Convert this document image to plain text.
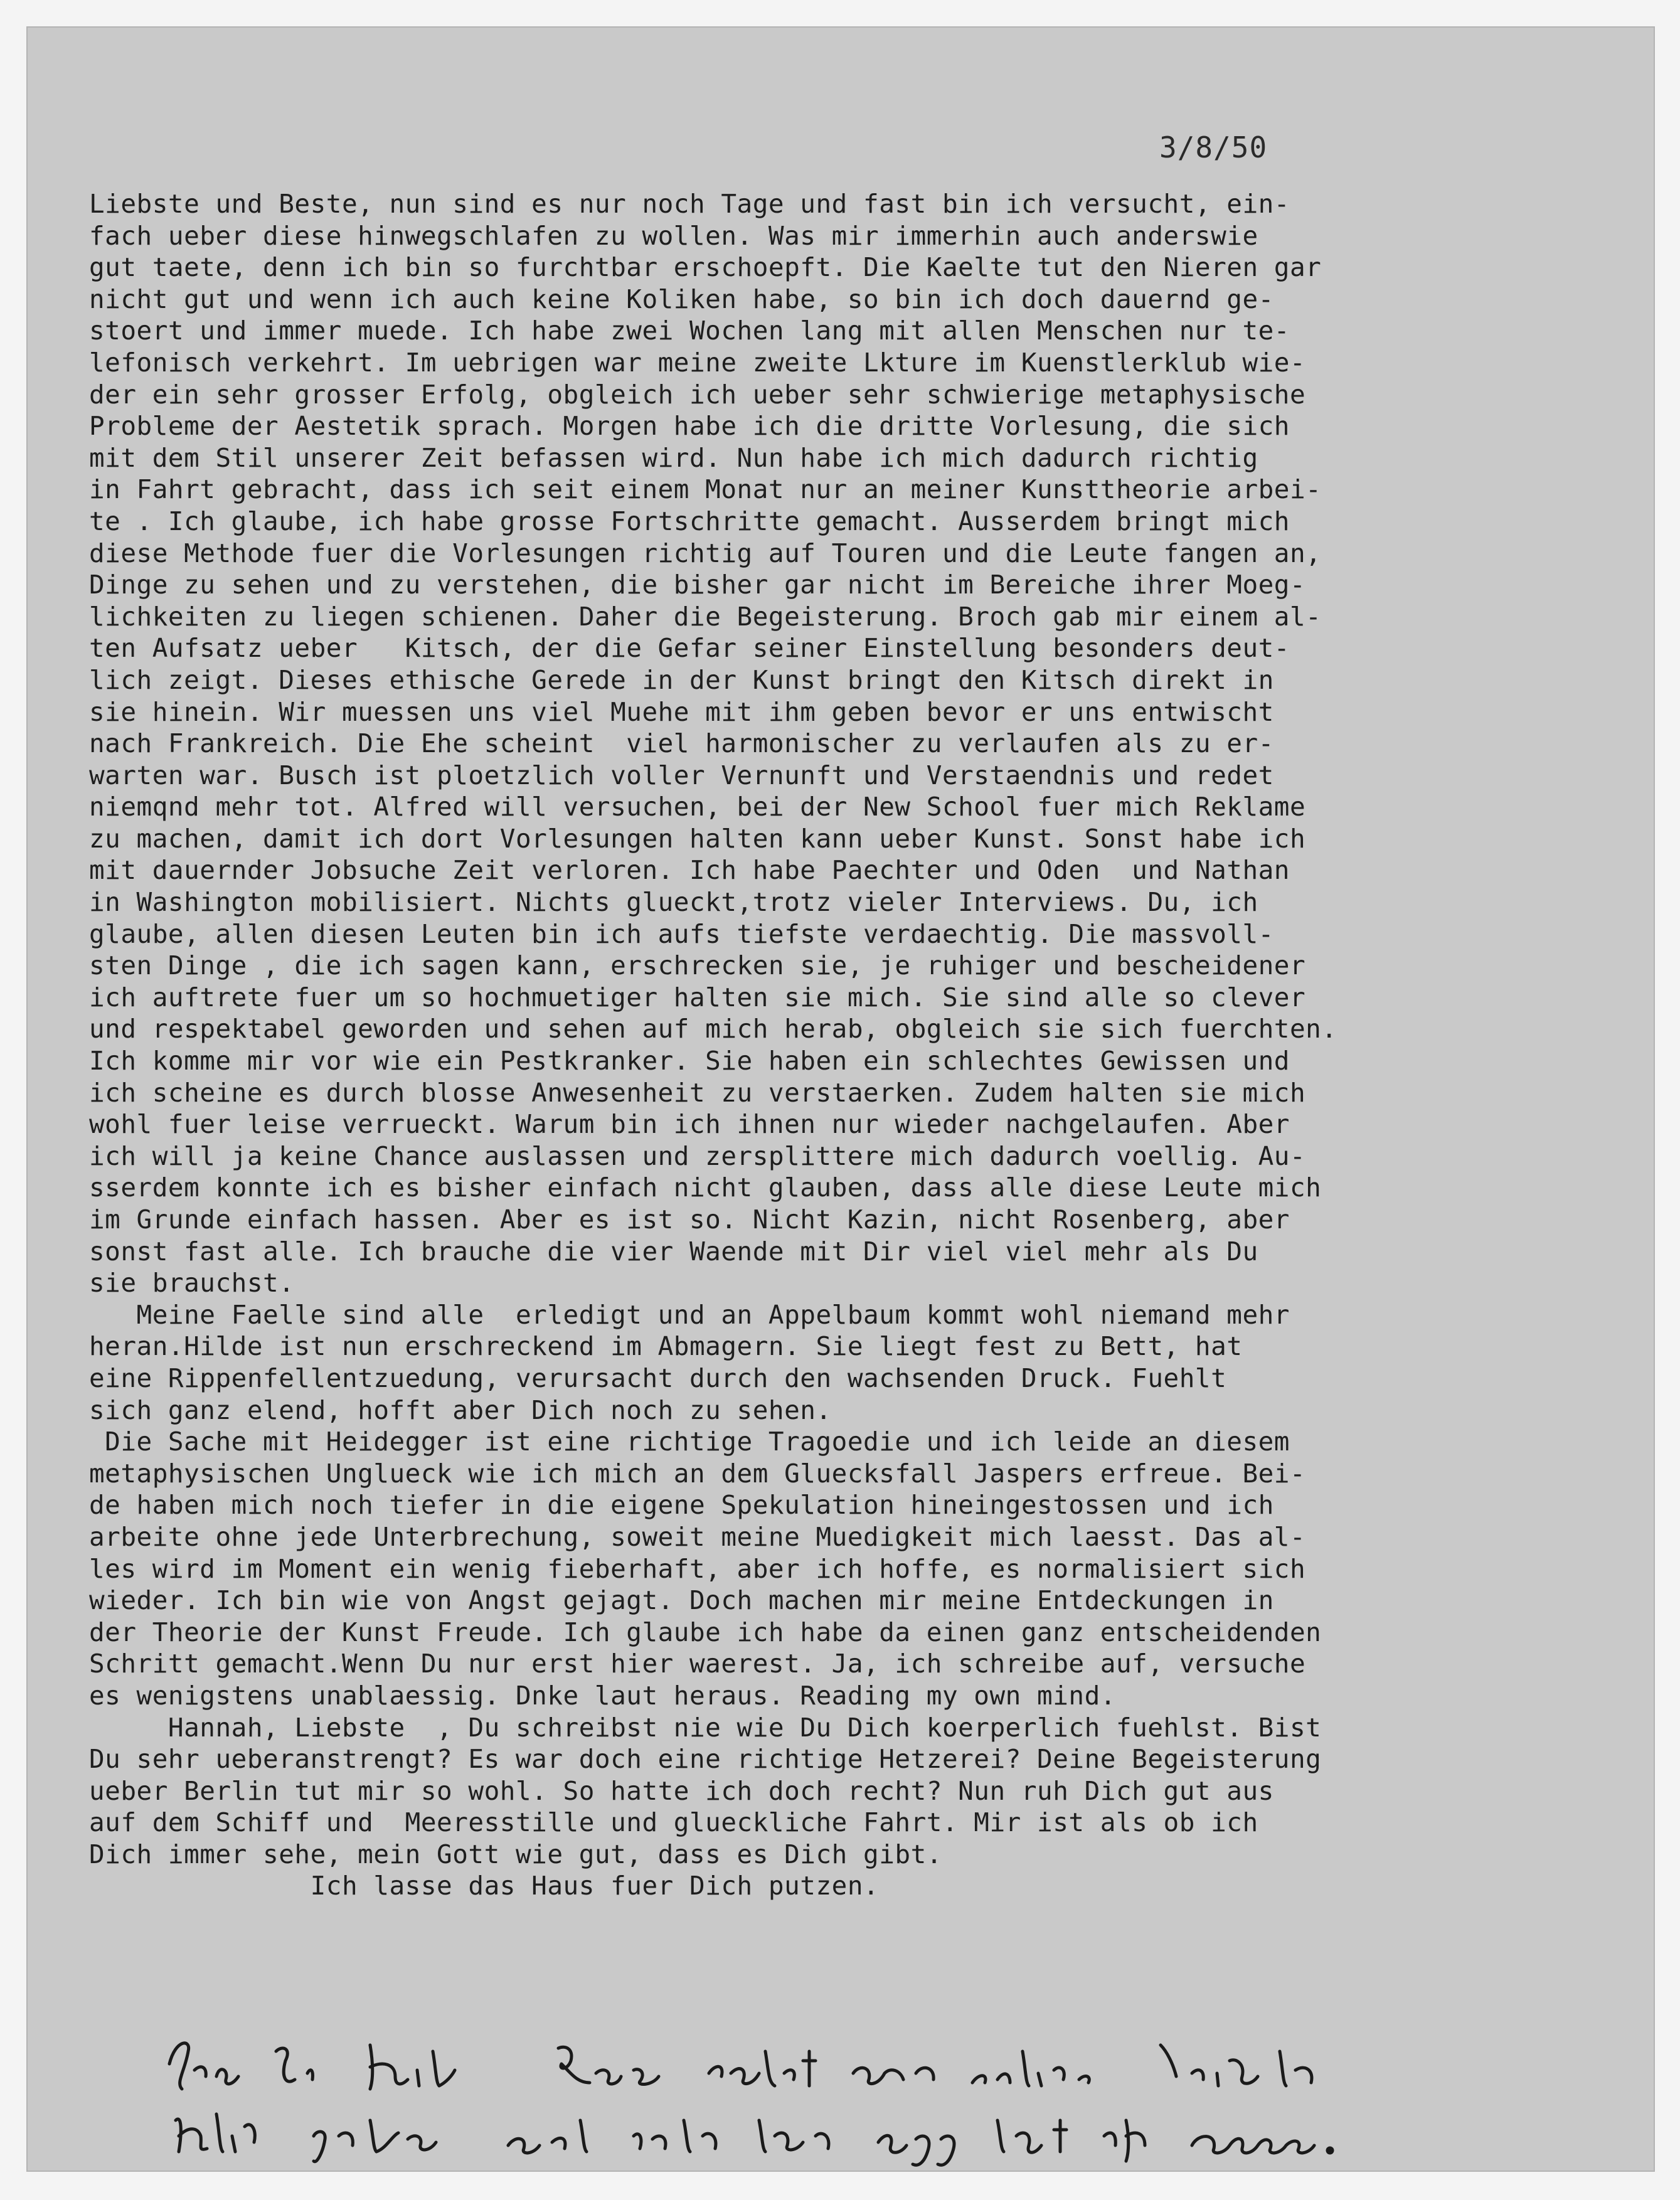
3/8/50
Liebste und Beste, nun sind es nur noch Tage und fast bin ich versucht, ein-
fach ueber diese hinwegschlafen zu wollen. Was mir immerhin auch anderswie
gut taete, denn ich bin so furchtbar erschoepft. Die Kaelte tut den Nieren gar
nicht gut und wenn ich auch keine Koliken habe, so bin ich doch dauernd ge-
stoert und immer muede. Ich habe zwei Wochen lang mit allen Menschen nur te-
lefonisch verkehrt. Im uebrigen war meine zweite Lkture im Kuenstlerklub wie-
der ein sehr grosser Erfolg, obgleich ich ueber sehr schwierige metaphysische
Probleme der Aestetik sprach. Morgen habe ich die dritte Vorlesung, die sich
mit dem Stil unserer Zeit befassen wird. Nun habe ich mich dadurch richtig
in Fahrt gebracht, dass ich seit einem Monat nur an meiner Kunsttheorie arbei-
te . Ich glaube, ich habe grosse Fortschritte gemacht. Ausserdem bringt mich
diese Methode fuer die Vorlesungen richtig auf Touren und die Leute fangen an,
Dinge zu sehen und zu verstehen, die bisher gar nicht im Bereiche ihrer Moeg-
lichkeiten zu liegen schienen. Daher die Begeisterung. Broch gab mir einem al-
ten Aufsatz ueber   Kitsch, der die Gefar seiner Einstellung besonders deut-
lich zeigt. Dieses ethische Gerede in der Kunst bringt den Kitsch direkt in
sie hinein. Wir muessen uns viel Muehe mit ihm geben bevor er uns entwischt
nach Frankreich. Die Ehe scheint  viel harmonischer zu verlaufen als zu er-
warten war. Busch ist ploetzlich voller Vernunft und Verstaendnis und redet
niemqnd mehr tot. Alfred will versuchen, bei der New School fuer mich Reklame
zu machen, damit ich dort Vorlesungen halten kann ueber Kunst. Sonst habe ich
mit dauernder Jobsuche Zeit verloren. Ich habe Paechter und Oden  und Nathan
in Washington mobilisiert. Nichts glueckt,trotz vieler Interviews. Du, ich
glaube, allen diesen Leuten bin ich aufs tiefste verdaechtig. Die massvoll-
sten Dinge , die ich sagen kann, erschrecken sie, je ruhiger und bescheidener
ich auftrete fuer um so hochmuetiger halten sie mich. Sie sind alle so clever
und respektabel geworden und sehen auf mich herab, obgleich sie sich fuerchten.
Ich komme mir vor wie ein Pestkranker. Sie haben ein schlechtes Gewissen und
ich scheine es durch blosse Anwesenheit zu verstaerken. Zudem halten sie mich
wohl fuer leise verrueckt. Warum bin ich ihnen nur wieder nachgelaufen. Aber
ich will ja keine Chance auslassen und zersplittere mich dadurch voellig. Au-
sserdem konnte ich es bisher einfach nicht glauben, dass alle diese Leute mich
im Grunde einfach hassen. Aber es ist so. Nicht Kazin, nicht Rosenberg, aber
sonst fast alle. Ich brauche die vier Waende mit Dir viel viel mehr als Du
sie brauchst.
Meine Faelle sind alle  erledigt und an Appelbaum kommt wohl niemand mehr
heran.Hilde ist nun erschreckend im Abmagern. Sie liegt fest zu Bett, hat
eine Rippenfellentzuedung, verursacht durch den wachsenden Druck. Fuehlt
sich ganz elend, hofft aber Dich noch zu sehen.
Die Sache mit Heidegger ist eine richtige Tragoedie und ich leide an diesem
metaphysischen Unglueck wie ich mich an dem Gluecksfall Jaspers erfreue. Bei-
de haben mich noch tiefer in die eigene Spekulation hineingestossen und ich
arbeite ohne jede Unterbrechung, soweit meine Muedigkeit mich laesst. Das al-
les wird im Moment ein wenig fieberhaft, aber ich hoffe, es normalisiert sich
wieder. Ich bin wie von Angst gejagt. Doch machen mir meine Entdeckungen in
der Theorie der Kunst Freude. Ich glaube ich habe da einen ganz entscheidenden
Schritt gemacht.Wenn Du nur erst hier waerest. Ja, ich schreibe auf, versuche
es wenigstens unablaessig. Dnke laut heraus. Reading my own mind.
Hannah, Liebste  , Du schreibst nie wie Du Dich koerperlich fuehlst. Bist
Du sehr ueberanstrengt? Es war doch eine richtige Hetzerei? Deine Begeisterung
ueber Berlin tut mir so wohl. So hatte ich doch recht? Nun ruh Dich gut aus
auf dem Schiff und  Meeresstille und glueckliche Fahrt. Mir ist als ob ich
Dich immer sehe, mein Gott wie gut, dass es Dich gibt.
Ich lasse das Haus fuer Dich putzen.
